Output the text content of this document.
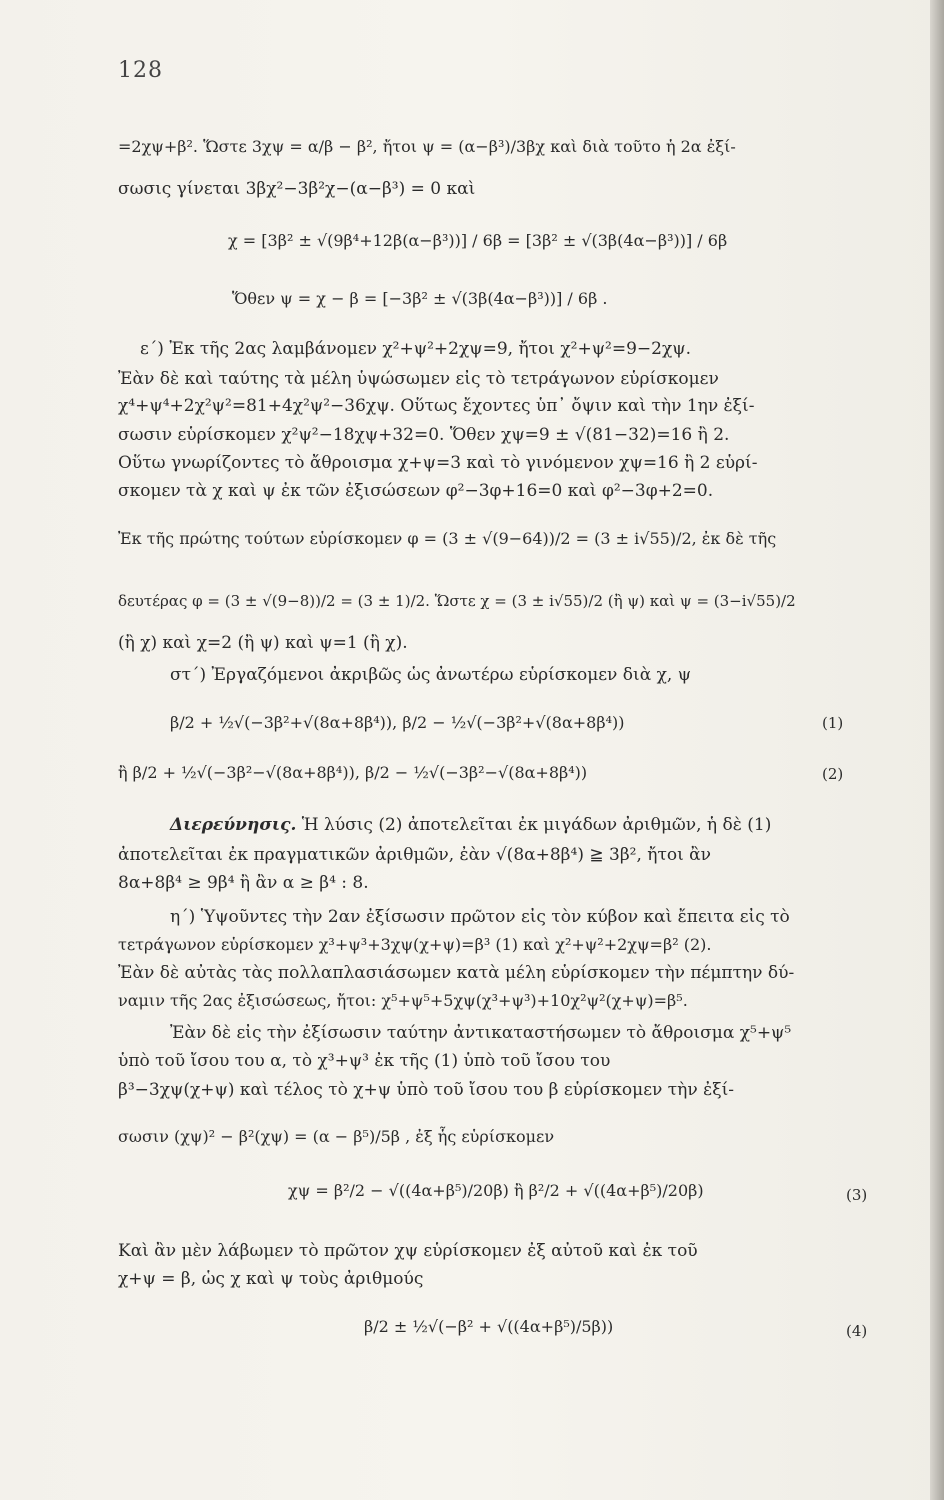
128
=2χψ+β². Ὥστε 3χψ = α/β − β², ἤτοι ψ = (α−β³)/3βχ καὶ διὰ τοῦτο ἡ 2α ἐξί-
σωσις γίνεται 3βχ²−3β²χ−(α−β³) = 0 καὶ
χ = [3β² ± √(9β⁴+12β(α−β³))] / 6β = [3β² ± √(3β(4α−β³))] / 6β
Ὅθεν ψ = χ − β = [−3β² ± √(3β(4α−β³))] / 6β .
ε΄) Ἐκ τῆς 2ας λαμβάνομεν χ²+ψ²+2χψ=9, ἤτοι χ²+ψ²=9−2χψ.
Ἐὰν δὲ καὶ ταύτης τὰ μέλη ὑψώσωμεν εἰς τὸ τετράγωνον εὑρίσκομεν
χ⁴+ψ⁴+2χ²ψ²=81+4χ²ψ²−36χψ. Οὕτως ἔχοντες ὑπ᾽ ὄψιν καὶ τὴν 1ην ἐξί-
σωσιν εὑρίσκομεν χ²ψ²−18χψ+32=0. Ὅθεν χψ=9 ± √(81−32)=16 ἢ 2.
Οὕτω γνωρίζοντες τὸ ἄθροισμα χ+ψ=3 καὶ τὸ γινόμενον χψ=16 ἢ 2 εὑρί-
σκομεν τὰ χ καὶ ψ ἐκ τῶν ἐξισώσεων φ²−3φ+16=0 καὶ φ²−3φ+2=0.
Ἐκ τῆς πρώτης τούτων εὑρίσκομεν φ = (3 ± √(9−64))/2 = (3 ± i√55)/2, ἐκ δὲ τῆς
δευτέρας φ = (3 ± √(9−8))/2 = (3 ± 1)/2. Ὥστε χ = (3 ± i√55)/2 (ἢ ψ) καὶ ψ = (3−i√55)/2
(ἢ χ) καὶ χ=2 (ἢ ψ) καὶ ψ=1 (ἢ χ).
στ΄) Ἐργαζόμενοι ἀκριβῶς ὡς ἀνωτέρω εὑρίσκομεν διὰ χ, ψ
β/2 + ½√(−3β²+√(8α+8β⁴)), β/2 − ½√(−3β²+√(8α+8β⁴))	(1)
ἢ β/2 + ½√(−3β²−√(8α+8β⁴)), β/2 − ½√(−3β²−√(8α+8β⁴))	(2)
Διερεύνησις. Ἡ λύσις (2) ἀποτελεῖται ἐκ μιγάδων ἀριθμῶν, ἡ δὲ (1)
ἀποτελεῖται ἐκ πραγματικῶν ἀριθμῶν, ἐὰν √(8α+8β⁴) ≧ 3β², ἤτοι ἂν
8α+8β⁴ ≥ 9β⁴ ἢ ἂν α ≥ β⁴ : 8.
η΄) Ὑψοῦντες τὴν 2αν ἐξίσωσιν πρῶτον εἰς τὸν κύβον καὶ ἔπειτα εἰς τὸ
τετράγωνον εὑρίσκομεν χ³+ψ³+3χψ(χ+ψ)=β³ (1) καὶ χ²+ψ²+2χψ=β² (2).
Ἐὰν δὲ αὐτὰς τὰς πολλαπλασιάσωμεν κατὰ μέλη εὑρίσκομεν τὴν πέμπτην δύ-
ναμιν τῆς 2ας ἐξισώσεως, ἤτοι: χ⁵+ψ⁵+5χψ(χ³+ψ³)+10χ²ψ²(χ+ψ)=β⁵.
Ἐὰν δὲ εἰς τὴν ἐξίσωσιν ταύτην ἀντικαταστήσωμεν τὸ ἄθροισμα χ⁵+ψ⁵
ὑπὸ τοῦ ἴσου του α, τὸ χ³+ψ³ ἐκ τῆς (1) ὑπὸ τοῦ ἴσου του
β³−3χψ(χ+ψ) καὶ τέλος τὸ χ+ψ ὑπὸ τοῦ ἴσου του β εὑρίσκομεν τὴν ἐξί-
σωσιν (χψ)² − β²(χψ) = (α − β⁵)/5β , ἐξ ἧς εὑρίσκομεν
χψ = β²/2 − √((4α+β⁵)/20β) ἢ β²/2 + √((4α+β⁵)/20β)	(3)
Καὶ ἂν μὲν λάβωμεν τὸ πρῶτον χψ εὑρίσκομεν ἐξ αὐτοῦ καὶ ἐκ τοῦ
χ+ψ = β, ὡς χ καὶ ψ τοὺς ἀριθμούς
β/2 ± ½√(−β² + √((4α+β⁵)/5β))	(4)
